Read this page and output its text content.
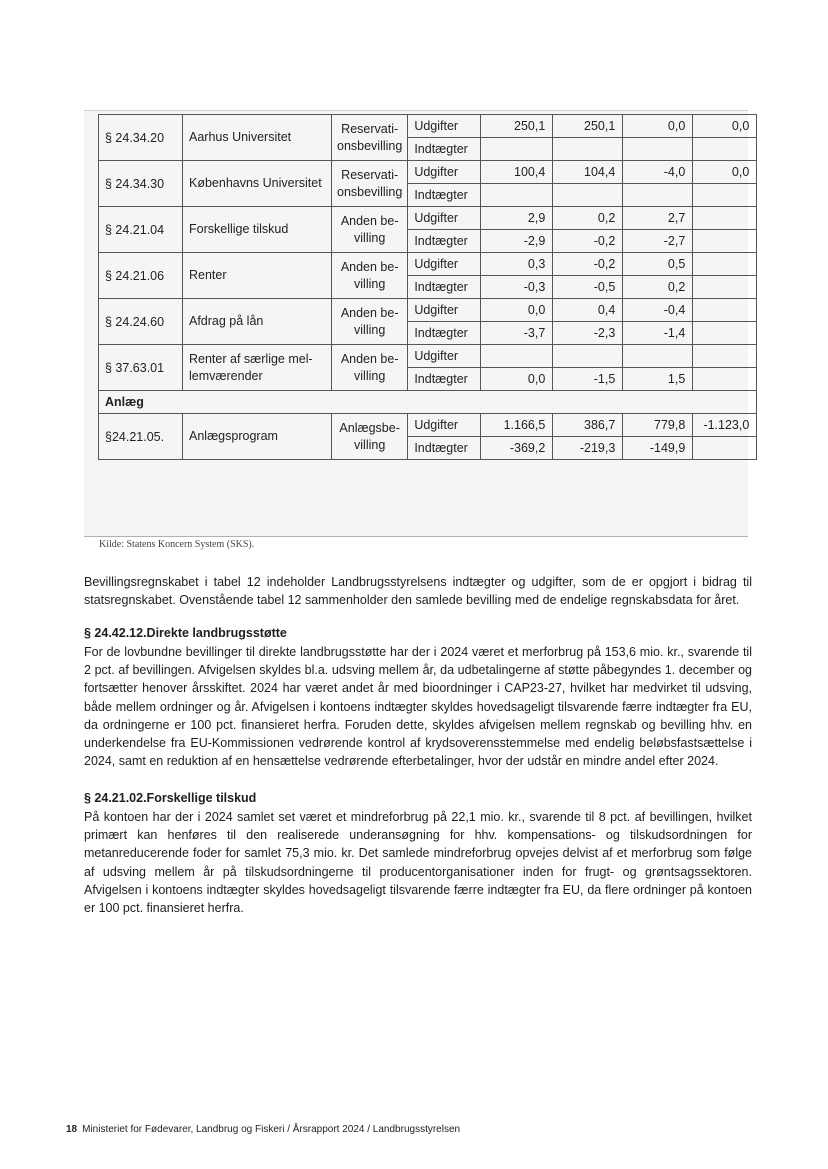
§ 24.34.20	Aarhus Universitet	Reservati-onsbevilling	Udgifter	250,1	250,1	0,0	0,0
			Indtægter				
§ 24.34.30	Københavns Universitet	Reservati-onsbevilling	Udgifter	100,4	104,4	-4,0	0,0
			Indtægter				
§ 24.21.04	Forskellige tilskud	Anden be-villing	Udgifter	2,9	0,2	2,7	
			Indtægter	-2,9	-0,2	-2,7	
§ 24.21.06	Renter	Anden be-villing	Udgifter	0,3	-0,2	0,5	
			Indtægter	-0,3	-0,5	0,2	
§ 24.24.60	Afdrag på lån	Anden be-villing	Udgifter	0,0	0,4	-0,4	
			Indtægter	-3,7	-2,3	-1,4	
§ 37.63.01	Renter af særlige mel-lemværender	Anden be-villing	Udgifter				
			Indtægter	0,0	-1,5	1,5	
Anlæg							
§24.21.05.	Anlægsprogram	Anlægsbe-villing	Udgifter	1.166,5	386,7	779,8	-1.123,0
			Indtægter	-369,2	-219,3	-149,9	
Kilde: Statens Koncern System (SKS).

Bevillingsregnskabet i tabel 12 indeholder Landbrugsstyrelsens indtægter og udgifter, som de er opgjort i bidrag til statsregnskabet. Ovenstående tabel 12 sammenholder den samlede bevilling med de endelige regnskabsdata for året.

§ 24.42.12.Direkte landbrugsstøtte

For de lovbundne bevillinger til direkte landbrugsstøtte har der i 2024 været et merforbrug på 153,6 mio. kr., svarende til 2 pct. af bevillingen. Afvigelsen skyldes bl.a. udsving mellem år, da udbetalingerne af støtte påbegyndes 1. december og fortsætter henover årsskiftet. 2024 har været andet år med bioordninger i CAP23-27, hvilket har medvirket til udsving, både mellem ordninger og år. Afvigelsen i kontoens indtægter skyldes hovedsageligt tilsvarende færre indtægter fra EU, da ordningerne er 100 pct. finansieret herfra. Foruden dette, skyldes afvigelsen mellem regnskab og bevilling hhv. en underkendelse fra EU-Kommissionen vedrørende kontrol af krydsoverensstemmelse med endelig beløbsfastsættelse i 2024, samt en reduktion af en hensættelse vedrørende efterbetalinger, hvor der udstår en mindre andel efter 2024.

§ 24.21.02.Forskellige tilskud

På kontoen har der i 2024 samlet set været et mindreforbrug på 22,1 mio. kr., svarende til 8 pct. af bevillingen, hvilket primært kan henføres til den realiserede underansøgning for hhv. kompensations- og tilskudsordningen for metanreducerende foder for samlet 75,3 mio. kr. Det samlede mindreforbrug opvejes delvist af et merforbrug som følge af udsving mellem år på tilskudsordningerne til producentorganisationer inden for frugt- og grøntsagssektoren. Afvigelsen i kontoens indtægter skyldes hovedsageligt tilsvarende færre indtægter fra EU, da flere ordninger på kontoen er 100 pct. finansieret herfra.

18 Ministeriet for Fødevarer, Landbrug og Fiskeri / Årsrapport 2024 / Landbrugsstyrelsen
